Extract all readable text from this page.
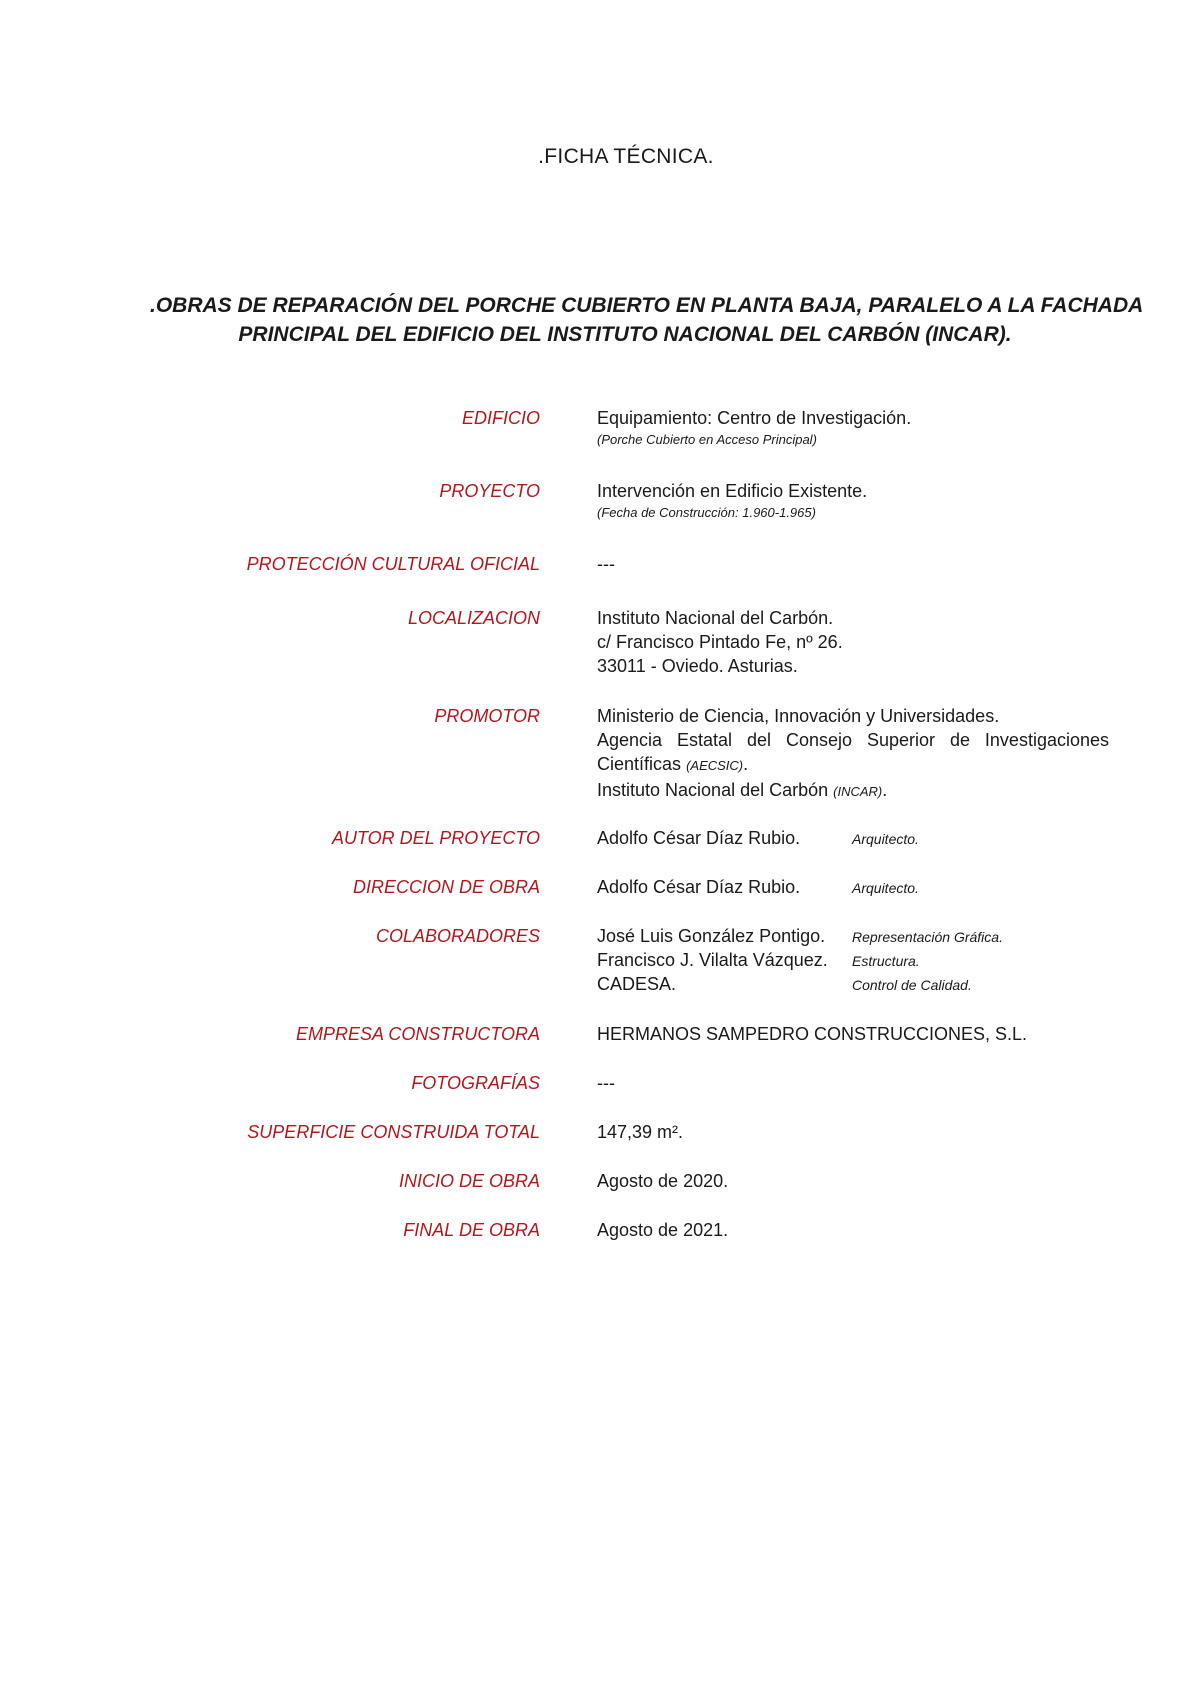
.FICHA TÉCNICA.
.OBRAS DE REPARACIÓN DEL PORCHE CUBIERTO EN PLANTA BAJA, PARALELO A LA FACHADA
PRINCIPAL DEL EDIFICIO DEL INSTITUTO NACIONAL DEL CARBÓN (INCAR).
EDIFICIO	Equipamiento: Centro de Investigación.
(Porche Cubierto en Acceso Principal)
PROYECTO	Intervención en Edificio Existente.
(Fecha de Construcción: 1.960-1.965)
PROTECCIÓN CULTURAL OFICIAL	---
LOCALIZACION	Instituto Nacional del Carbón.
c/ Francisco Pintado Fe, nº 26.
33011 - Oviedo. Asturias.
PROMOTOR	Ministerio de Ciencia, Innovación y Universidades.
Agencia Estatal del Consejo Superior de Investigaciones
Científicas (AECSIC).
Instituto Nacional del Carbón (INCAR).
AUTOR DEL PROYECTO	Adolfo César Díaz Rubio.	Arquitecto.
DIRECCION DE OBRA	Adolfo César Díaz Rubio.	Arquitecto.
COLABORADORES	José Luis González Pontigo. Representación Gráfica.
Francisco J. Vilalta Vázquez. Estructura.
CADESA.	Control de Calidad.
EMPRESA CONSTRUCTORA	HERMANOS SAMPEDRO CONSTRUCCIONES, S.L.
FOTOGRAFÍAS	---
SUPERFICIE CONSTRUIDA TOTAL	147,39 m².
INICIO DE OBRA	Agosto de 2020.
FINAL DE OBRA	Agosto de 2021.
